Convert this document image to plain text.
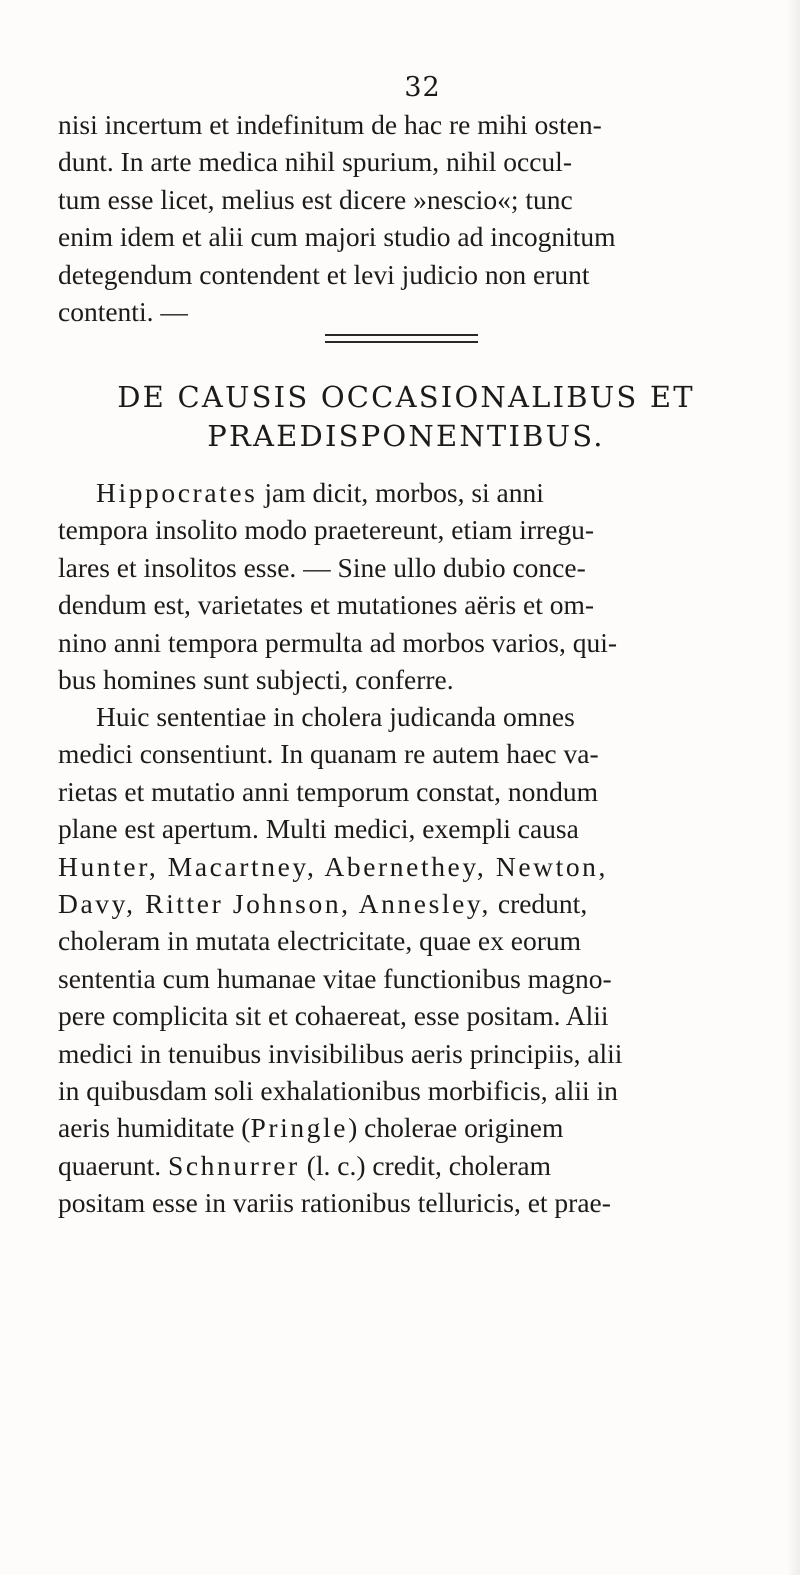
32
nisi incertum et indefinitum de hac re mihi osten-
dunt. In arte medica nihil spurium, nihil occul-
tum esse licet, melius est dicere »nescio«; tunc
enim idem et alii cum majori studio ad incognitum
detegendum contendent et levi judicio non erunt
contenti. —
DE CAUSIS OCCASIONALIBUS ET
PRAEDISPONENTIBUS.
Hippocrates jam dicit, morbos, si anni
tempora insolito modo praetereunt, etiam irregu-
lares et insolitos esse. — Sine ullo dubio conce-
dendum est, varietates et mutationes aëris et om-
nino anni tempora permulta ad morbos varios, qui-
bus homines sunt subjecti, conferre.
Huic sententiae in cholera judicanda omnes
medici consentiunt. In quanam re autem haec va-
rietas et mutatio anni temporum constat, nondum
plane est apertum. Multi medici, exempli causa
Hunter, Macartney, Abernethey, Newton,
Davy, Ritter Johnson, Annesley, credunt,
choleram in mutata electricitate, quae ex eorum
sententia cum humanae vitae functionibus magno-
pere complicita sit et cohaereat, esse positam. Alii
medici in tenuibus invisibilibus aeris principiis, alii
in quibusdam soli exhalationibus morbificis, alii in
aeris humiditate (Pringle) cholerae originem
quaerunt. Schnurrer (l. c.) credit, choleram
positam esse in variis rationibus telluricis, et prae-
